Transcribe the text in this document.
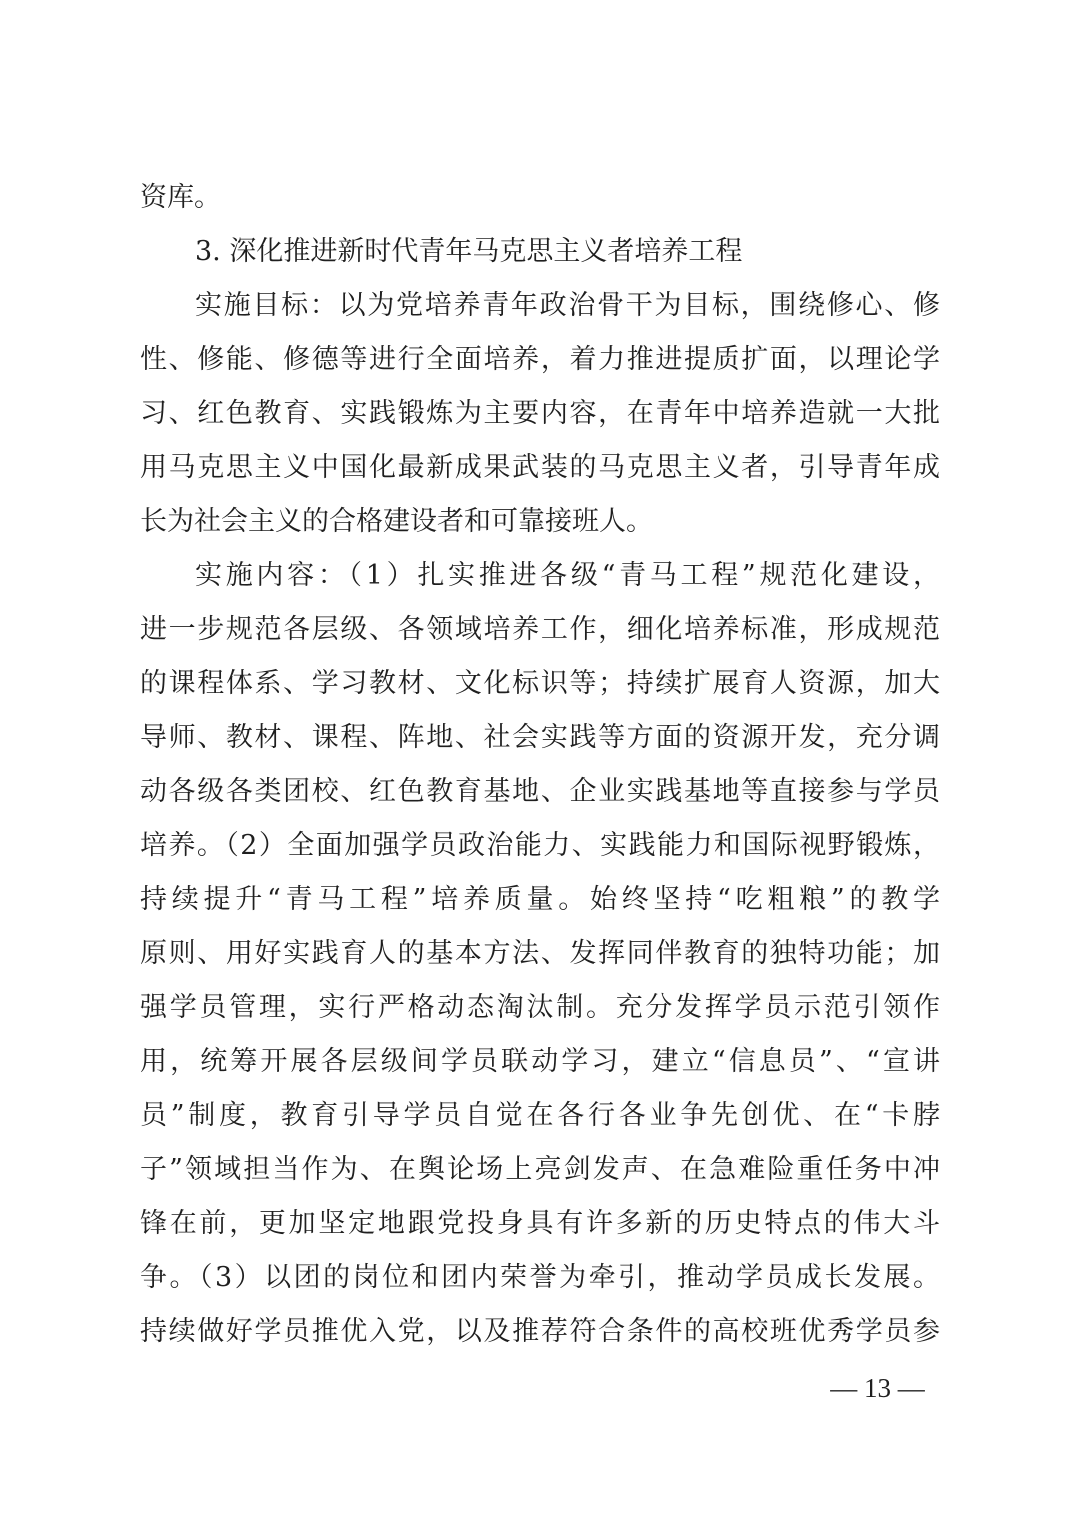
资库。
3. 深化推进新时代青年马克思主义者培养工程
实施目标：以为党培养青年政治骨干为目标，围绕修心、修
性、修能、修德等进行全面培养，着力推进提质扩面，以理论学
习、红色教育、实践锻炼为主要内容，在青年中培养造就一大批
用马克思主义中国化最新成果武装的马克思主义者，引导青年成
长为社会主义的合格建设者和可靠接班人。
实施内容：（1）扎实推进各级“青马工程”规范化建设，
进一步规范各层级、各领域培养工作，细化培养标准，形成规范
的课程体系、学习教材、文化标识等；持续扩展育人资源，加大
导师、教材、课程、阵地、社会实践等方面的资源开发，充分调
动各级各类团校、红色教育基地、企业实践基地等直接参与学员
培养。（2）全面加强学员政治能力、实践能力和国际视野锻炼，
持续提升“青马工程”培养质量。始终坚持“吃粗粮”的教学
原则、用好实践育人的基本方法、发挥同伴教育的独特功能；加
强学员管理，实行严格动态淘汰制。充分发挥学员示范引领作
用，统筹开展各层级间学员联动学习，建立“信息员”、“宣讲
员”制度，教育引导学员自觉在各行各业争先创优、在“卡脖
子”领域担当作为、在舆论场上亮剑发声、在急难险重任务中冲
锋在前，更加坚定地跟党投身具有许多新的历史特点的伟大斗
争。（3）以团的岗位和团内荣誉为牵引，推动学员成长发展。
持续做好学员推优入党，以及推荐符合条件的高校班优秀学员参
— 13 —
